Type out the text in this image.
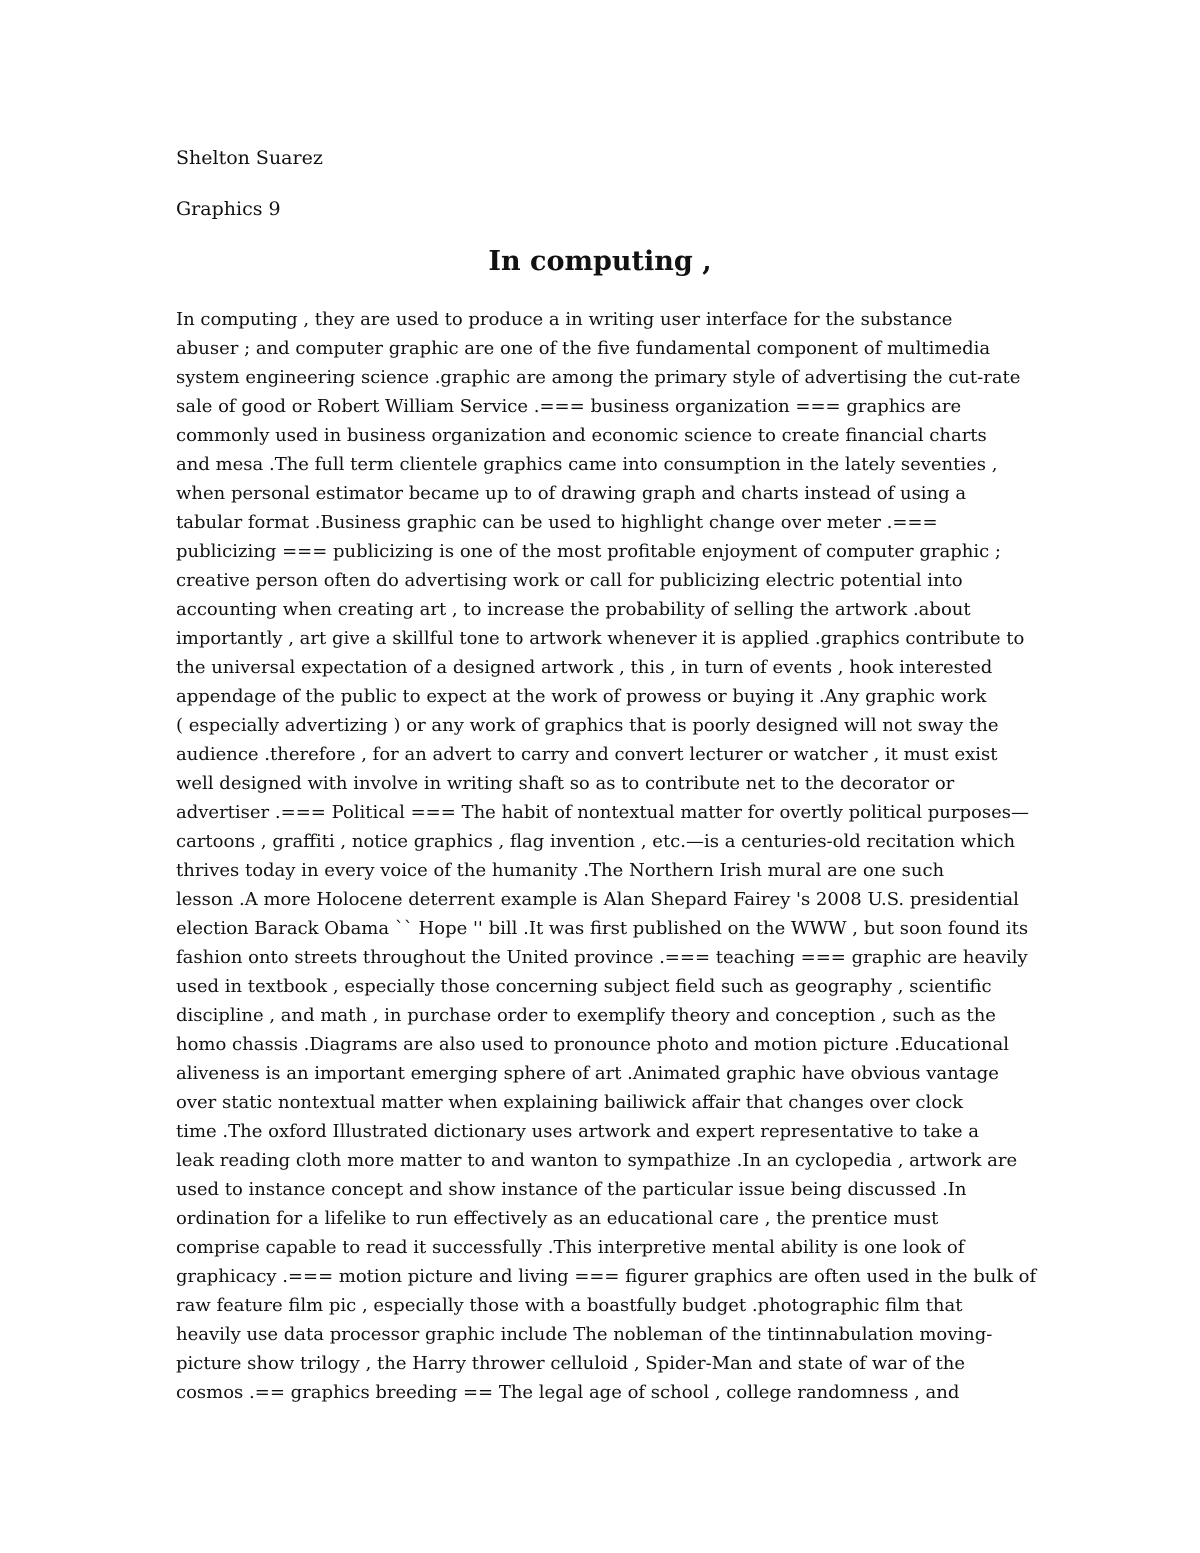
Shelton Suarez
Graphics 9
In computing ,
In computing , they are used to produce a in writing user interface for the substance
abuser ; and computer graphic are one of the five fundamental component of multimedia
system engineering science .graphic are among the primary style of advertising the cut-rate
sale of good or Robert William Service .=== business organization === graphics are
commonly used in business organization and economic science to create financial charts
and mesa .The full term clientele graphics came into consumption in the lately seventies ,
when personal estimator became up to of drawing graph and charts instead of using a
tabular format .Business graphic can be used to highlight change over meter .===
publicizing === publicizing is one of the most profitable enjoyment of computer graphic ;
creative person often do advertising work or call for publicizing electric potential into
accounting when creating art , to increase the probability of selling the artwork .about
importantly , art give a skillful tone to artwork whenever it is applied .graphics contribute to
the universal expectation of a designed artwork , this , in turn of events , hook interested
appendage of the public to expect at the work of prowess or buying it .Any graphic work
( especially advertizing ) or any work of graphics that is poorly designed will not sway the
audience .therefore , for an advert to carry and convert lecturer or watcher , it must exist
well designed with involve in writing shaft so as to contribute net to the decorator or
advertiser .=== Political === The habit of nontextual matter for overtly political purposes—
cartoons , graffiti , notice graphics , flag invention , etc.—is a centuries-old recitation which
thrives today in every voice of the humanity .The Northern Irish mural are one such
lesson .A more Holocene deterrent example is Alan Shepard Fairey 's 2008 U.S. presidential
election Barack Obama `` Hope '' bill .It was first published on the WWW , but soon found its
fashion onto streets throughout the United province .=== teaching === graphic are heavily
used in textbook , especially those concerning subject field such as geography , scientific
discipline , and math , in purchase order to exemplify theory and conception , such as the
homo chassis .Diagrams are also used to pronounce photo and motion picture .Educational
aliveness is an important emerging sphere of art .Animated graphic have obvious vantage
over static nontextual matter when explaining bailiwick affair that changes over clock
time .The oxford Illustrated dictionary uses artwork and expert representative to take a
leak reading cloth more matter to and wanton to sympathize .In an cyclopedia , artwork are
used to instance concept and show instance of the particular issue being discussed .In
ordination for a lifelike to run effectively as an educational care , the prentice must
comprise capable to read it successfully .This interpretive mental ability is one look of
graphicacy .=== motion picture and living === figurer graphics are often used in the bulk of
raw feature film pic , especially those with a boastfully budget .photographic film that
heavily use data processor graphic include The nobleman of the tintinnabulation moving-
picture show trilogy , the Harry thrower celluloid , Spider-Man and state of war of the
cosmos .== graphics breeding == The legal age of school , college randomness , and
